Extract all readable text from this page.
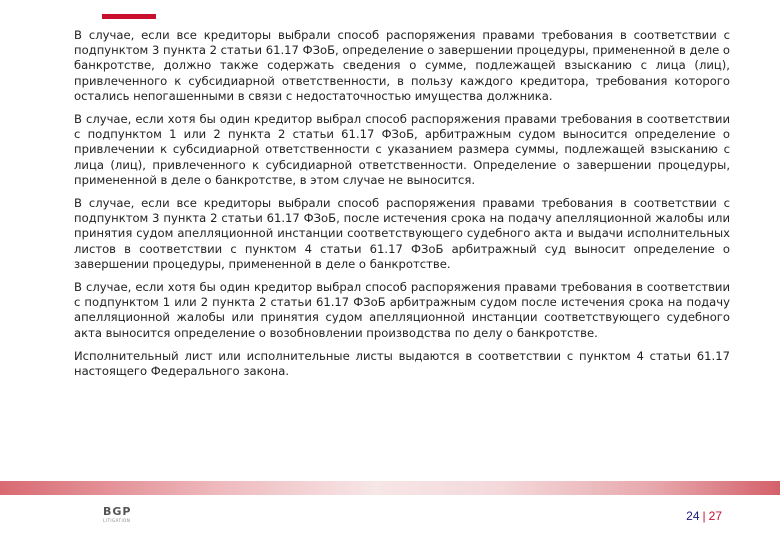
В случае, если все кредиторы выбрали способ распоряжения правами требования в соответствии с подпунктом 3 пункта 2 статьи 61.17 ФЗоБ, определение о завершении процедуры, примененной в деле о банкротстве, должно также содержать сведения о сумме, подлежащей взысканию с лица (лиц), привлеченного к субсидиарной ответственности, в пользу каждого кредитора, требования которого остались непогашенными в связи с недостаточностью имущества должника.

В случае, если хотя бы один кредитор выбрал способ распоряжения правами требования в соответствии с подпунктом 1 или 2 пункта 2 статьи 61.17 ФЗоБ, арбитражным судом выносится определение о привлечении к субсидиарной ответственности с указанием размера суммы, подлежащей взысканию с лица (лиц), привлеченного к субсидиарной ответственности. Определение о завершении процедуры, примененной в деле о банкротстве, в этом случае не выносится.

В случае, если все кредиторы выбрали способ распоряжения правами требования в соответствии с подпунктом 3 пункта 2 статьи 61.17 ФЗоБ, после истечения срока на подачу апелляционной жалобы или принятия судом апелляционной инстанции соответствующего судебного акта и выдачи исполнительных листов в соответствии с пунктом 4 статьи 61.17 ФЗоБ арбитражный суд выносит определение о завершении процедуры, примененной в деле о банкротстве.

В случае, если хотя бы один кредитор выбрал способ распоряжения правами требования в соответствии с подпунктом 1 или 2 пункта 2 статьи 61.17 ФЗоБ арбитражным судом после истечения срока на подачу апелляционной жалобы или принятия судом апелляционной инстанции соответствующего судебного акта выносится определение о возобновлении производства по делу о банкротстве.

Исполнительный лист или исполнительные листы выдаются в соответствии с пунктом 4 статьи 61.17 настоящего Федерального закона.

BGP
LITIGATION	24 | 27
